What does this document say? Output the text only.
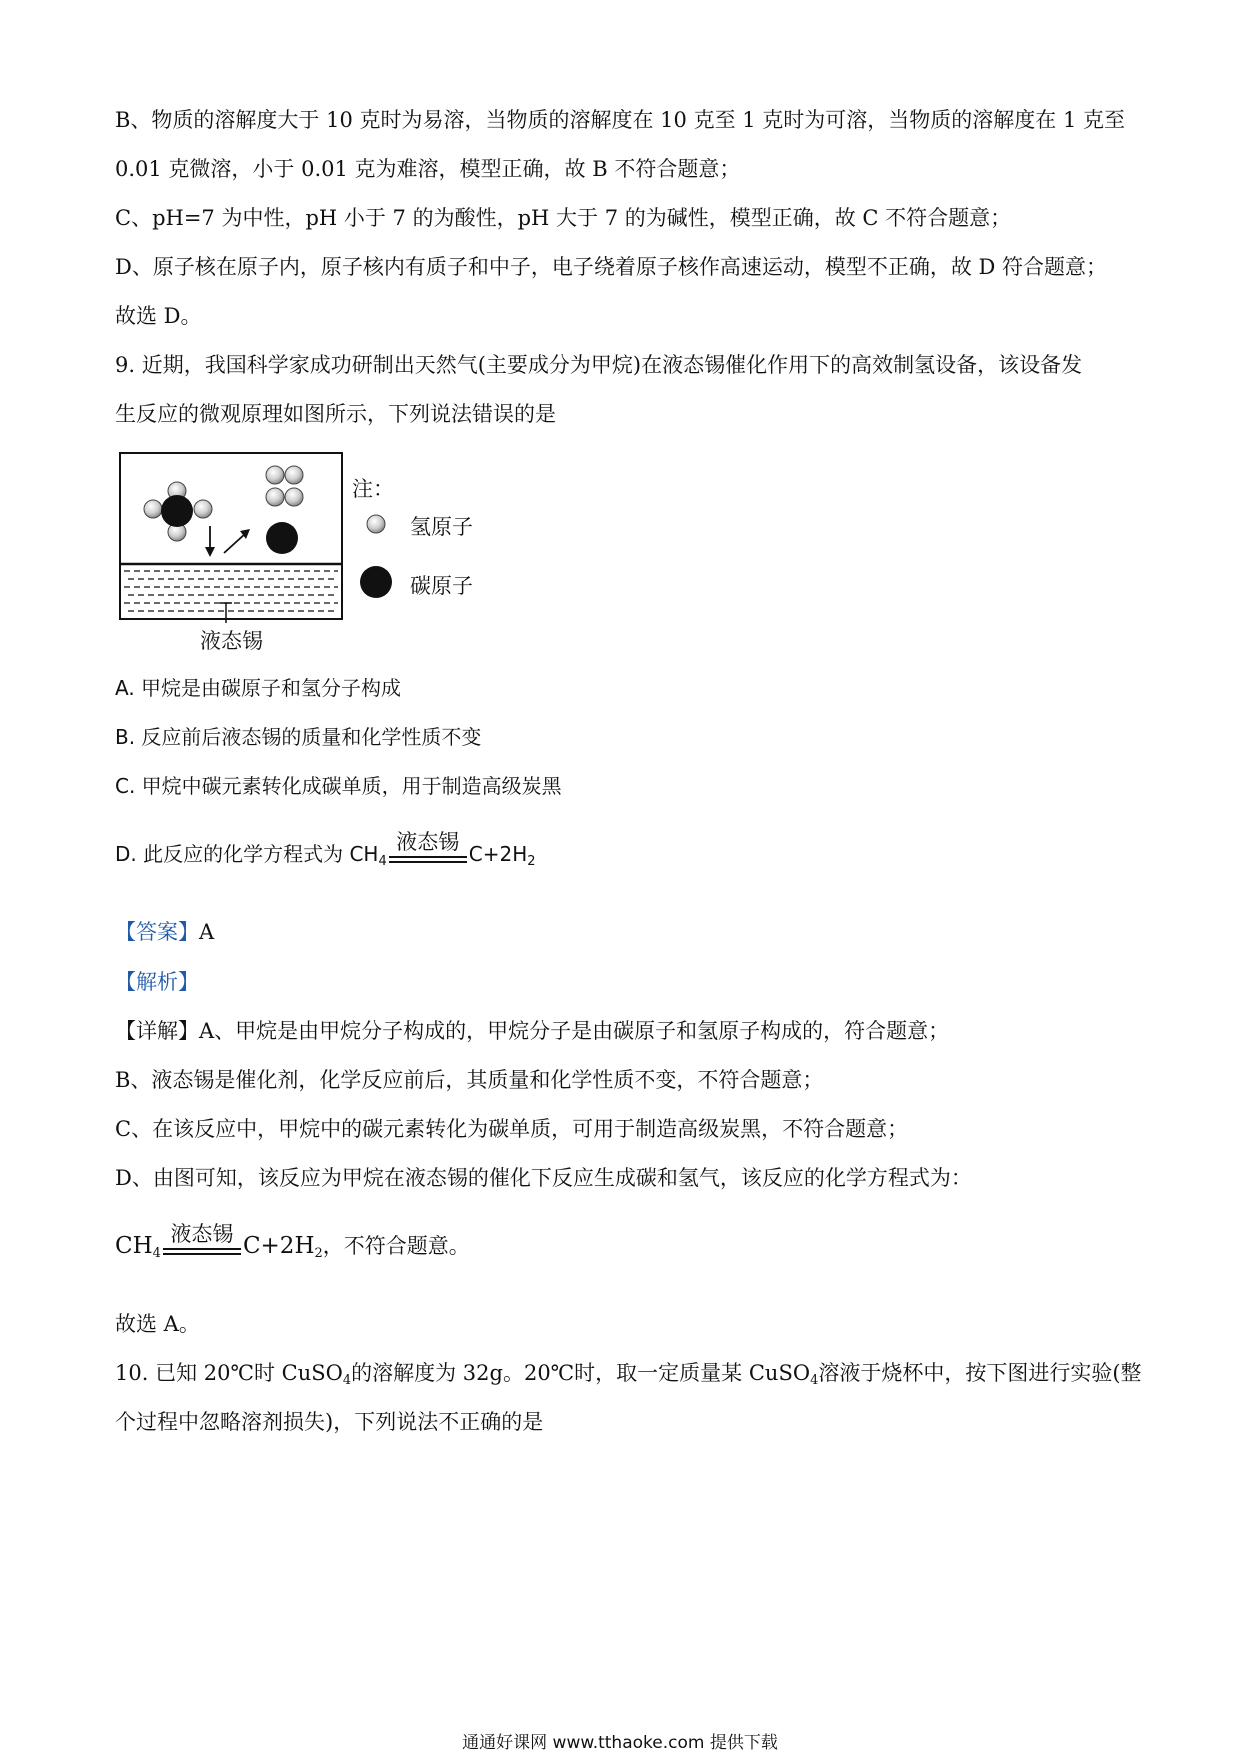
B、物质的溶解度大于 10 克时为易溶，当物质的溶解度在 10 克至 1 克时为可溶，当物质的溶解度在 1 克至
0.01 克微溶，小于 0.01 克为难溶，模型正确，故 B 不符合题意；
C、pH=7 为中性，pH 小于 7 的为酸性，pH 大于 7 的为碱性，模型正确，故 C 不符合题意；
D、原子核在原子内，原子核内有质子和中子，电子绕着原子核作高速运动，模型不正确，故 D 符合题意；
故选 D。
9. 近期，我国科学家成功研制出天然气(主要成分为甲烷)在液态锡催化作用下的高效制氢设备，该设备发
生反应的微观原理如图所示，下列说法错误的是
注：
氢原子
碳原子
液态锡
A. 甲烷是由碳原子和氢分子构成
B. 反应前后液态锡的质量和化学性质不变
C. 甲烷中碳元素转化成碳单质，用于制造高级炭黑
D. 此反应的化学方程式为 $CH_4$
液态锡 $C+2H_2$
【答案】A
【解析】
【详解】A、甲烷是由甲烷分子构成的，甲烷分子是由碳原子和氢原子构成的，符合题意；
B、液态锡是催化剂，化学反应前后，其质量和化学性质不变，不符合题意；
C、在该反应中，甲烷中的碳元素转化为碳单质，可用于制造高级炭黑，不符合题意；
D、由图可知，该反应为甲烷在液态锡的催化下反应生成碳和氢气，该反应的化学方程式为：
$CH_4$
液态锡 $C+2H_2$，不符合题意。
故选 A。
10. 已知 20℃时 CuSO$_4$的溶解度为 32g。20℃时，取一定质量某 CuSO$_4$溶液于烧杯中，按下图进行实验(整
个过程中忽略溶剂损失)，下列说法不正确的是
通通好课网 www.tthaoke.com 提供下载
